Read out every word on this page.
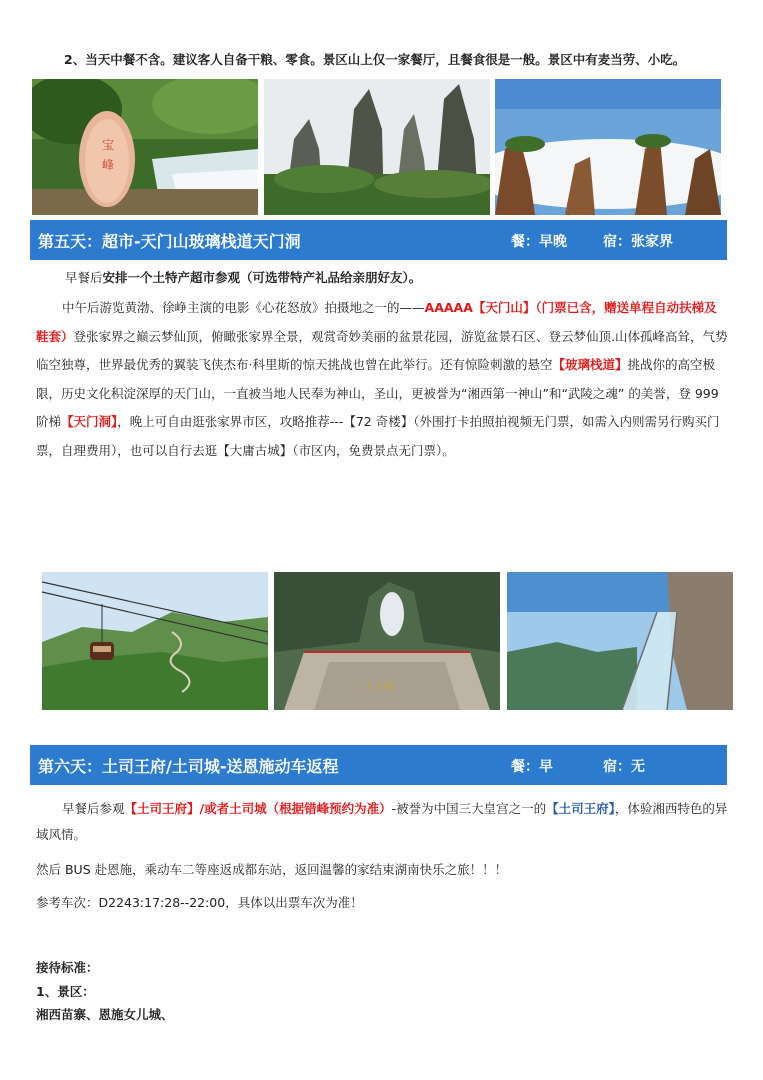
2、当天中餐不含。建议客人自备干粮、零食。景区山上仅一家餐厅，且餐食很是一般。景区中有麦当劳、小吃。
宝
峰
第五天：超市-天门山玻璃栈道天门洞	餐：早晚	宿：张家界
早餐后安排一个土特产超市参观（可选带特产礼品给亲朋好友）。
中午后游览黄渤、徐峥主演的电影《心花怒放》拍摄地之一的——AAAAA【天门山】（门票已含，赠送单程自动扶梯及鞋套）登张家界之巅云梦仙顶，俯瞰张家界全景，观赏奇妙美丽的盆景花园，游览盆景石区、登云梦仙顶.山体孤峰高耸，气势临空独尊，世界最优秀的翼装飞侠杰布·科里斯的惊天挑战也曾在此举行。还有惊险刺激的悬空【玻璃栈道】挑战你的高空极限，历史文化积淀深厚的天门山，一直被当地人民奉为神山，圣山，更被誉为“湘西第一神山”和“武陵之魂” 的美誉，登 999 阶梯【天门洞】，晚上可自由逛张家界市区，攻略推荐---【72 奇楼】（外围打卡拍照拍视频无门票，如需入内则需另行购买门票，自理费用），也可以自行去逛【大庸古城】（市区内，免费景点无门票）。
上天梯
第六天：土司王府/土司城-送恩施动车返程	餐：早	宿：无
早餐后参观【土司王府】/或者土司城（根据错峰预约为准）-被誉为中国三大皇宫之一的【土司王府】，体验湘西特色的异域风情。
然后 BUS 赴恩施，乘动车二等座返成都东站，返回温馨的家结束湖南快乐之旅！！！
参考车次：D2243:17:28--22:00，具体以出票车次为准！
接待标准：
1、景区：
湘西苗寨、恩施女儿城、
